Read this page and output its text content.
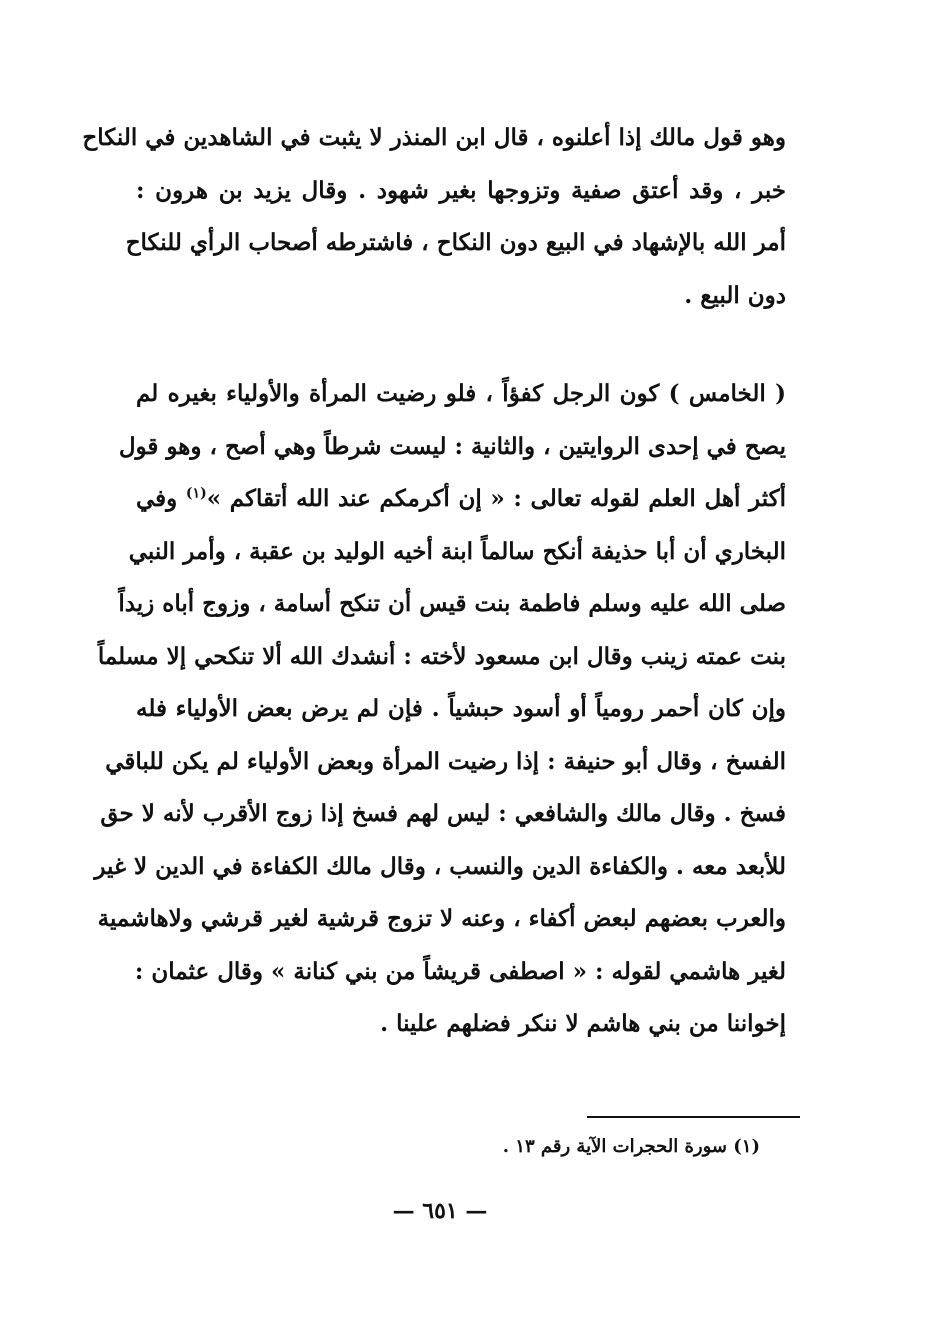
وهو قول مالك إذا أعلنوه ، قال ابن المنذر لا يثبت في الشاهدين في النكاح
خبر ، وقد أعتق صفية وتزوجها بغير شهود . وقال يزيد بن هرون :
أمر الله بالإشهاد في البيع دون النكاح ، فاشترطه أصحاب الرأي للنكاح
دون البيع .
( الخامس ) كون الرجل كفؤاً ، فلو رضيت المرأة والأولياء بغيره لم
يصح في إحدى الروايتين ، والثانية : ليست شرطاً وهي أصح ، وهو قول
أكثر أهل العلم لقوله تعالى : « إن أكرمكم عند الله أتقاكم »$^{(١)}$ وفي
البخاري أن أبا حذيفة أنكح سالماً ابنة أخيه الوليد بن عقبة ، وأمر النبي
صلى الله عليه وسلم فاطمة بنت قيس أن تنكح أسامة ، وزوج أباه زيداً
بنت عمته زينب وقال ابن مسعود لأخته : أنشدك الله ألا تنكحي إلا مسلماً
وإن كان أحمر رومياً أو أسود حبشياً . فإن لم يرض بعض الأولياء فله
الفسخ ، وقال أبو حنيفة : إذا رضيت المرأة وبعض الأولياء لم يكن للباقي
فسخ . وقال مالك والشافعي : ليس لهم فسخ إذا زوج الأقرب لأنه لا حق
للأبعد معه . والكفاءة الدين والنسب ، وقال مالك الكفاءة في الدين لا غير
والعرب بعضهم لبعض أكفاء ، وعنه لا تزوج قرشية لغير قرشي ولاهاشمية
لغير هاشمي لقوله : « اصطفى قريشاً من بني كنانة » وقال عثمان :
إخواننا من بني هاشم لا ننكر فضلهم علينا .
(١) سورة الحجرات الآية رقم ١٣ .
— ٦٥١ —
